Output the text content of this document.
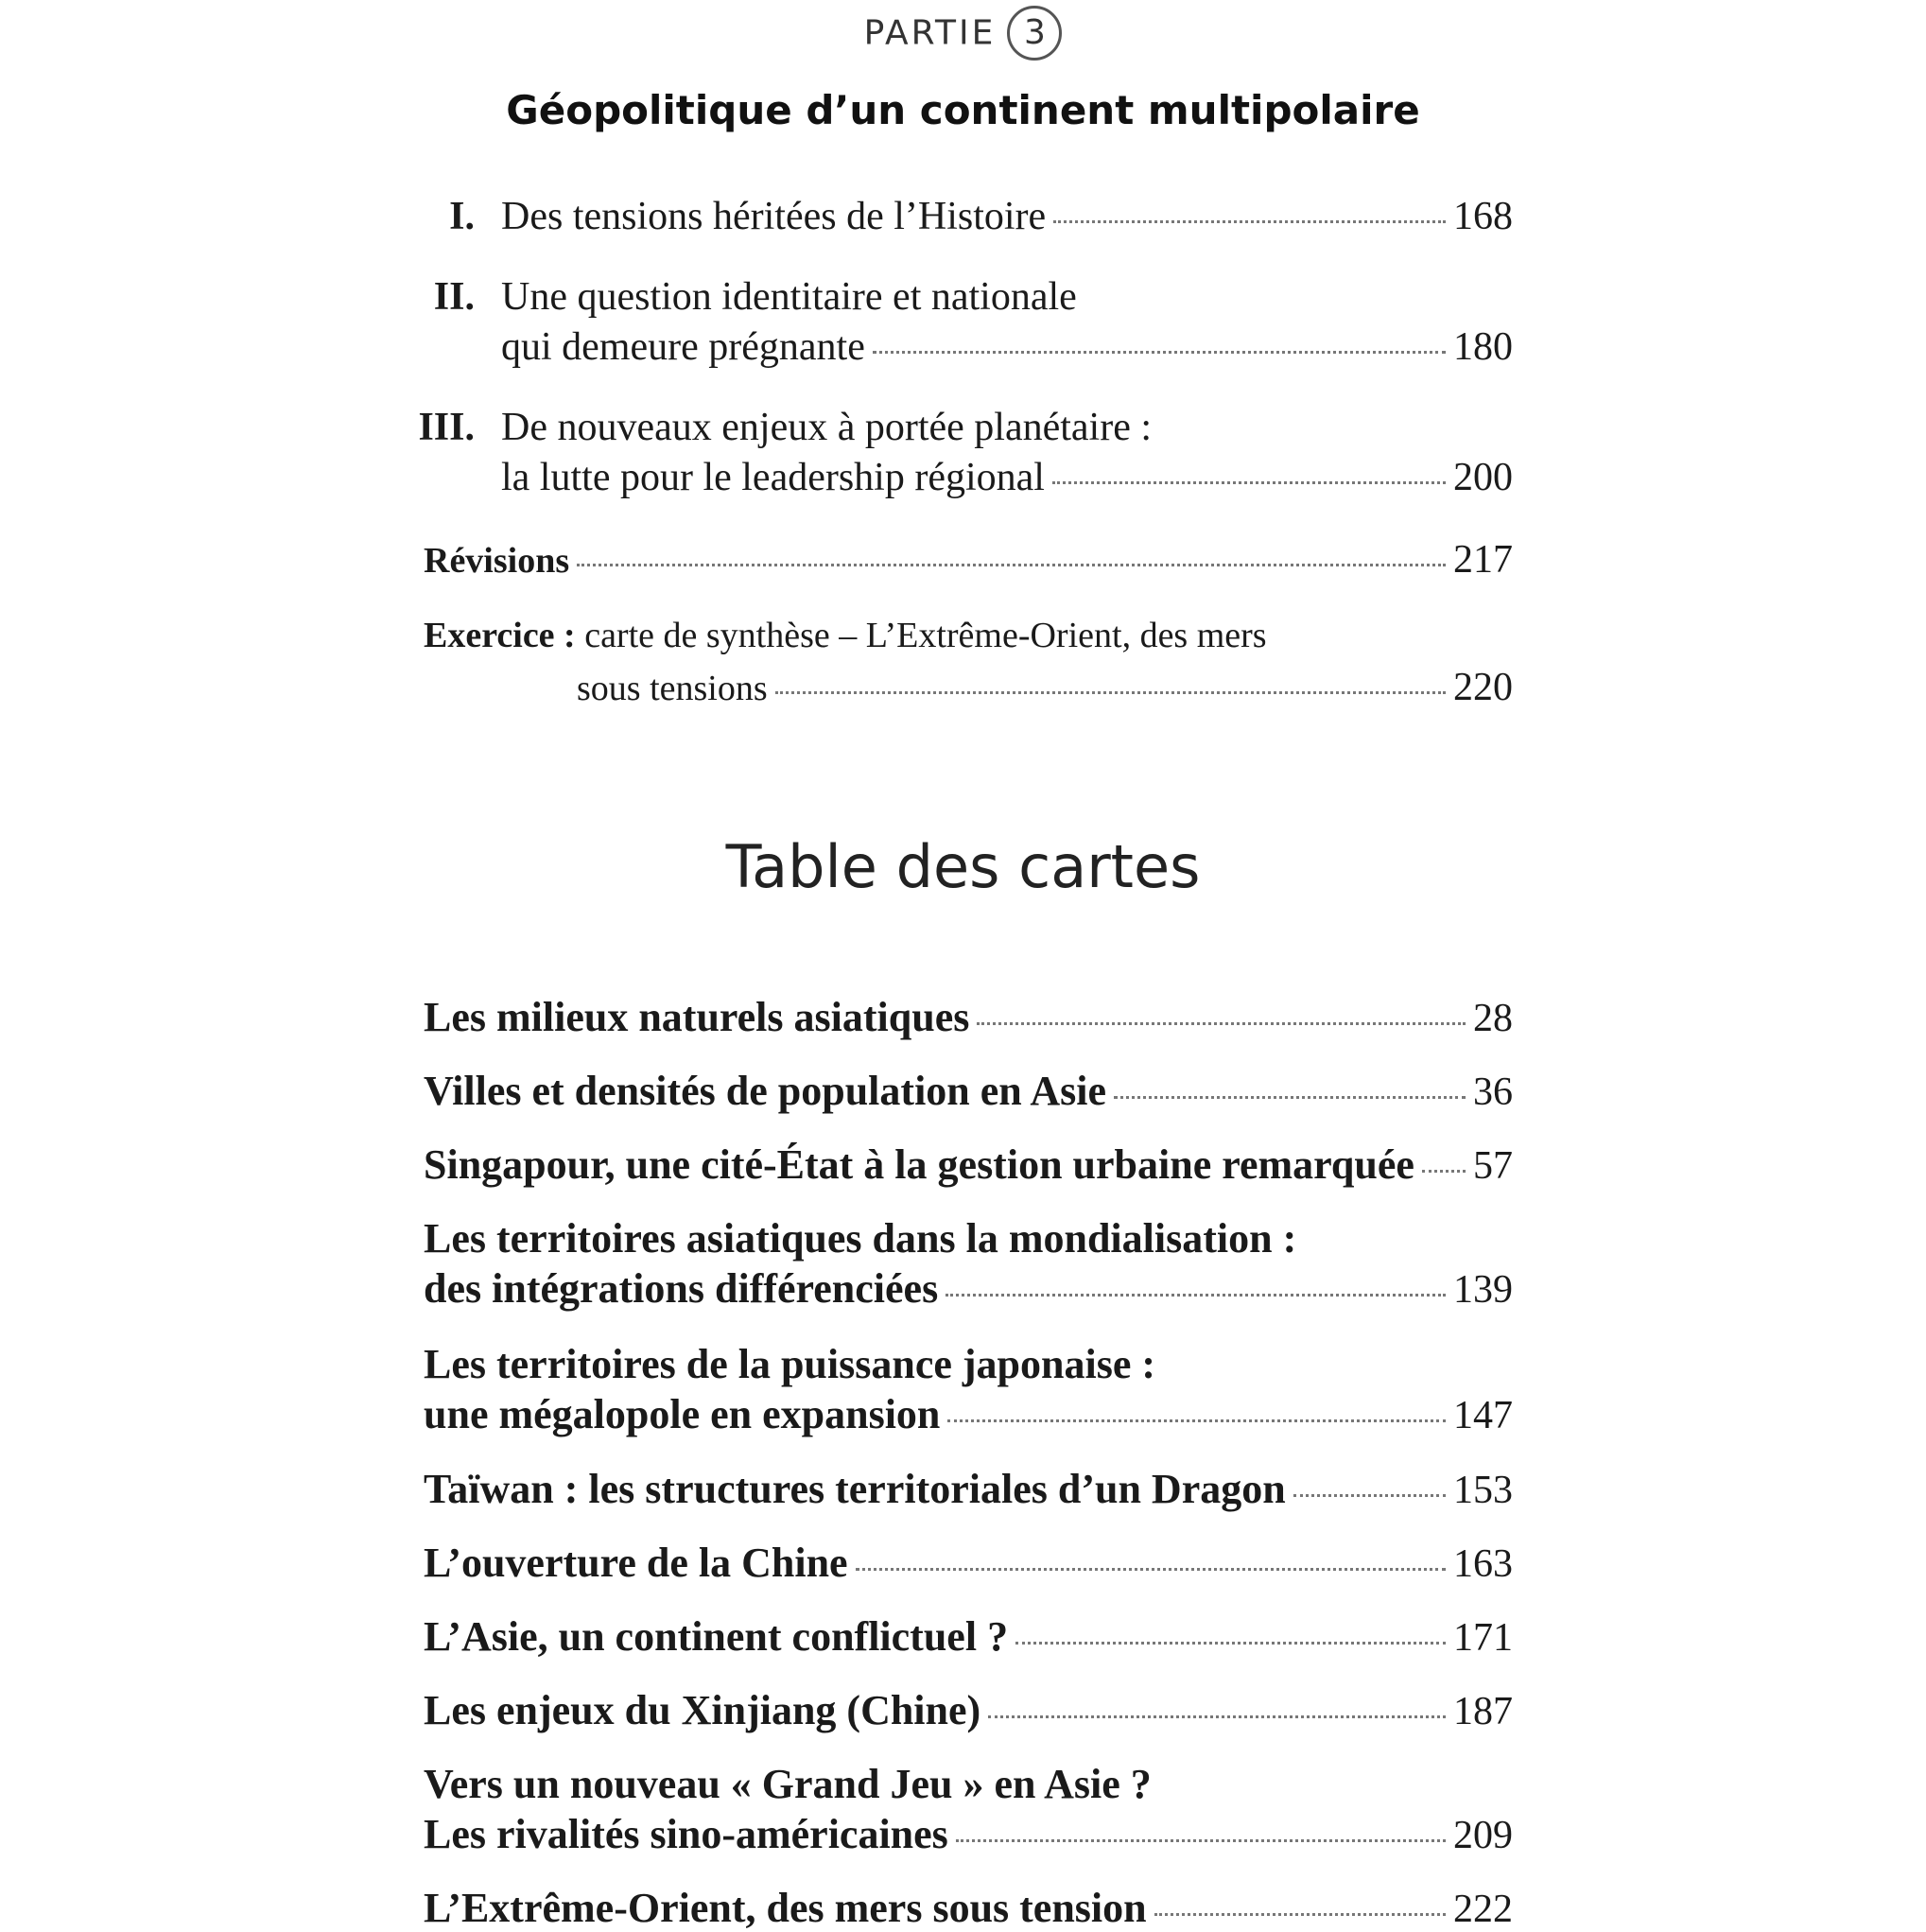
PARTIE 3
Géopolitique d’un continent multipolaire
I. Des tensions héritées de l’Histoire	168
II. Une question identitaire et nationale
qui demeure prégnante	180
III. De nouveaux enjeux à portée planétaire :
la lutte pour le leadership régional	200
Révisions	217
Exercice : carte de synthèse – L’Extrême-Orient, des mers
sous tensions	220
Table des cartes
Les milieux naturels asiatiques	28
Villes et densités de population en Asie	36
Singapour, une cité-État à la gestion urbaine remarquée 57
Les territoires asiatiques dans la mondialisation :
des intégrations différenciées	139
Les territoires de la puissance japonaise :
une mégalopole en expansion	147
Taïwan : les structures territoriales d’un Dragon	153
L’ouverture de la Chine	163
L’Asie, un continent conflictuel ?	171
Les enjeux du Xinjiang (Chine)	187
Vers un nouveau « Grand Jeu » en Asie ?
Les rivalités sino-américaines	209
L’Extrême-Orient, des mers sous tension	222
